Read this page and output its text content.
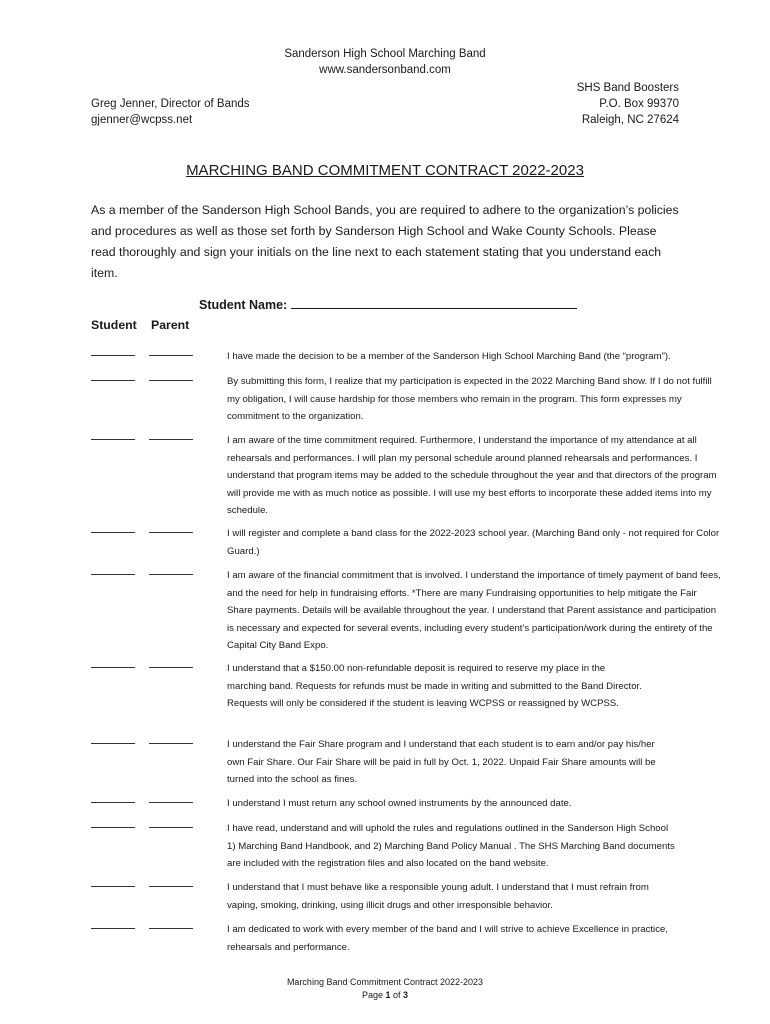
Sanderson High School Marching Band
www.sandersonband.com
Greg Jenner, Director of Bands
gjenner@wcpss.net
SHS Band Boosters
P.O. Box 99370
Raleigh, NC 27624
MARCHING BAND COMMITMENT CONTRACT 2022-2023
As a member of the Sanderson High School Bands, you are required to adhere to the organization’s policies and procedures as well as those set forth by Sanderson High School and Wake County Schools. Please read thoroughly and sign your initials on the line next to each statement stating that you understand each item.
Student Name:
Student Parent
I have made the decision to be a member of the Sanderson High School Marching Band (the “program”).
By submitting this form, I realize that my participation is expected in the 2022 Marching Band show. If I do not fulfill my obligation, I will cause hardship for those members who remain in the program. This form expresses my commitment to the organization.
I am aware of the time commitment required. Furthermore, I understand the importance of my attendance at all rehearsals and performances. I will plan my personal schedule around planned rehearsals and performances. I understand that program items may be added to the schedule throughout the year and that directors of the program will provide me with as much notice as possible. I will use my best efforts to incorporate these added items into my schedule.
I will register and complete a band class for the 2022-2023 school year. (Marching Band only - not required for Color Guard.)
I am aware of the financial commitment that is involved. I understand the importance of timely payment of band fees, and the need for help in fundraising efforts. *There are many Fundraising opportunities to help mitigate the Fair Share payments. Details will be available throughout the year. I understand that Parent assistance and participation is necessary and expected for several events, including every student’s participation/work during the entirety of the Capital City Band Expo.
I understand that a $150.00 non-refundable deposit is required to reserve my place in the marching band. Requests for refunds must be made in writing and submitted to the Band Director. Requests will only be considered if the student is leaving WCPSS or reassigned by WCPSS.
I understand the Fair Share program and I understand that each student is to earn and/or pay his/her own Fair Share. Our Fair Share will be paid in full by Oct. 1, 2022. Unpaid Fair Share amounts will be turned into the school as fines.
I understand I must return any school owned instruments by the announced date.
I have read, understand and will uphold the rules and regulations outlined in the Sanderson High School 1) Marching Band Handbook, and 2) Marching Band Policy Manual . The SHS Marching Band documents are included with the registration files and also located on the band website.
I understand that I must behave like a responsible young adult. I understand that I must refrain from vaping, smoking, drinking, using illicit drugs and other irresponsible behavior.
I am dedicated to work with every member of the band and I will strive to achieve Excellence in practice, rehearsals and performance.
Marching Band Commitment Contract 2022-2023
Page 1 of 3
